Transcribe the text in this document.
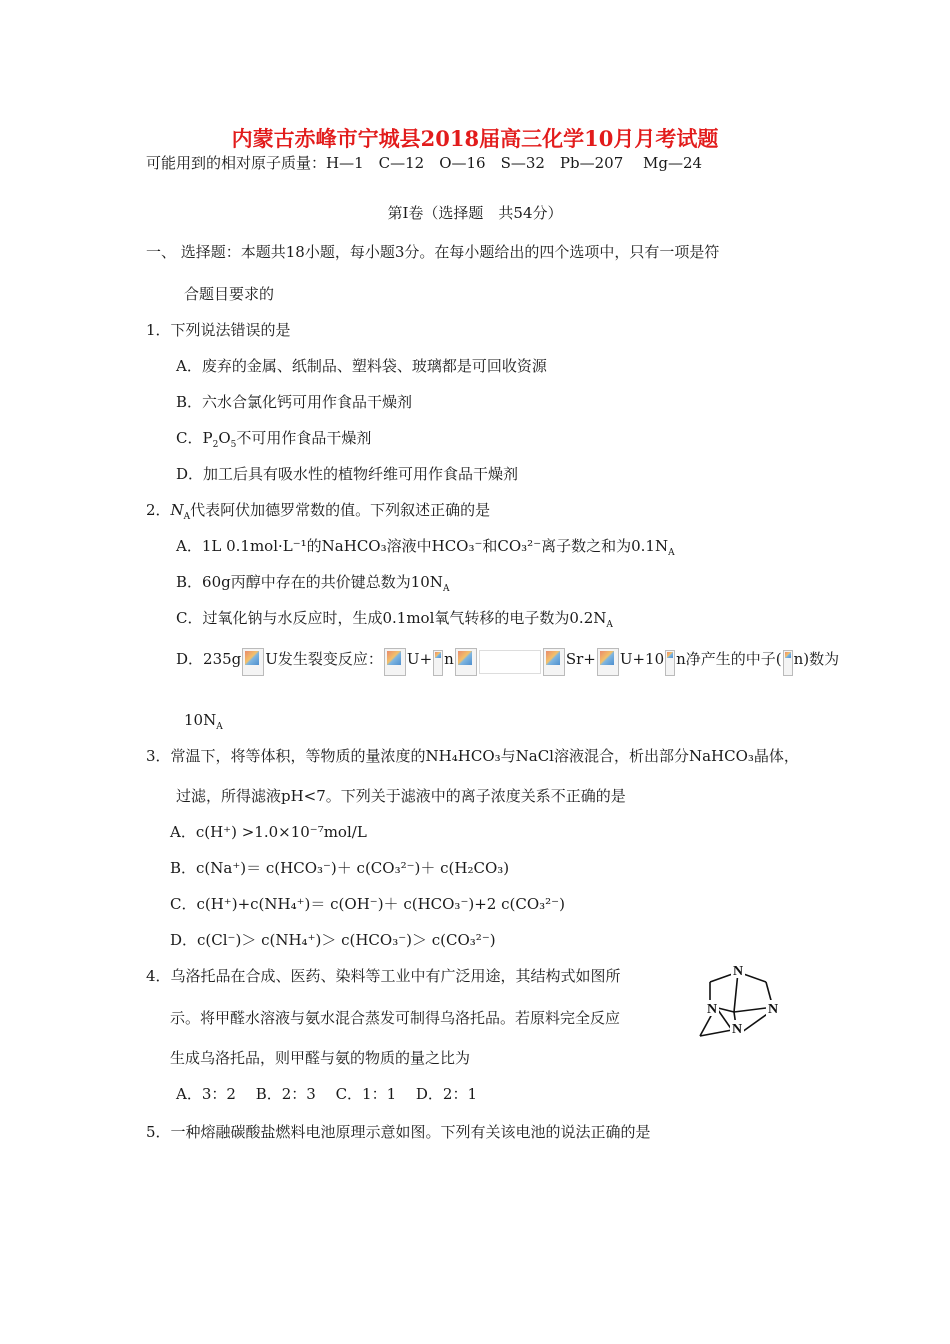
内蒙古赤峰市宁城县2018届高三化学10月月考试题
可能用到的相对原子质量：H—1　C—12　O—16　S—32　Pb—207　 Mg—24
第Ⅰ卷（选择题　共54分）
一、 选择题：本题共18小题，每小题3分。在每小题给出的四个选项中，只有一项是符
合题目要求的
1．下列说法错误的是
A．废弃的金属、纸制品、塑料袋、玻璃都是可回收资源
B．六水合氯化钙可用作食品干燥剂
C．$P_2O_5$不可用作食品干燥剂
D．加工后具有吸水性的植物纤维可用作食品干燥剂
2．$N_A$代表阿伏加德罗常数的值。下列叙述正确的是
A．1L 0.1mol·L⁻¹的NaHCO₃溶液中HCO₃⁻和CO₃²⁻离子数之和为$0.1N_A$
B．60g丙醇中存在的共价键总数为$10N_A$
C．过氧化钠与水反应时，生成0.1mol氧气转移的电子数为$0.2N_A$
D．235g U发生裂变反应： U+ n	Sr+ U+10 n净产生的中子( n)数为
$10N_A$
3．常温下，将等体积，等物质的量浓度的NH₄HCO₃与NaCl溶液混合，析出部分NaHCO₃晶体，
过滤，所得滤液pH<7。下列关于滤液中的离子浓度关系不正确的是
A．c(H⁺) >1.0×10⁻⁷mol/L
B．c(Na⁺)＝ c(HCO₃⁻)＋ c(CO₃²⁻)＋ c(H₂CO₃)
C．c(H⁺)+c(NH₄⁺)＝ c(OH⁻)＋ c(HCO₃⁻)+2 c(CO₃²⁻)
D．c(Cl⁻)＞ c(NH₄⁺)＞ c(HCO₃⁻)＞ c(CO₃²⁻)
4．乌洛托品在合成、医药、染料等工业中有广泛用途，其结构式如图所
示。将甲醛水溶液与氨水混合蒸发可制得乌洛托品。若原料完全反应
生成乌洛托品，则甲醛与氨的物质的量之比为
A．3：2　 B．2：3　 C．1：1　 D．2：1
N
N	N
N
5．一种熔融碳酸盐燃料电池原理示意如图。下列有关该电池的说法正确的是
